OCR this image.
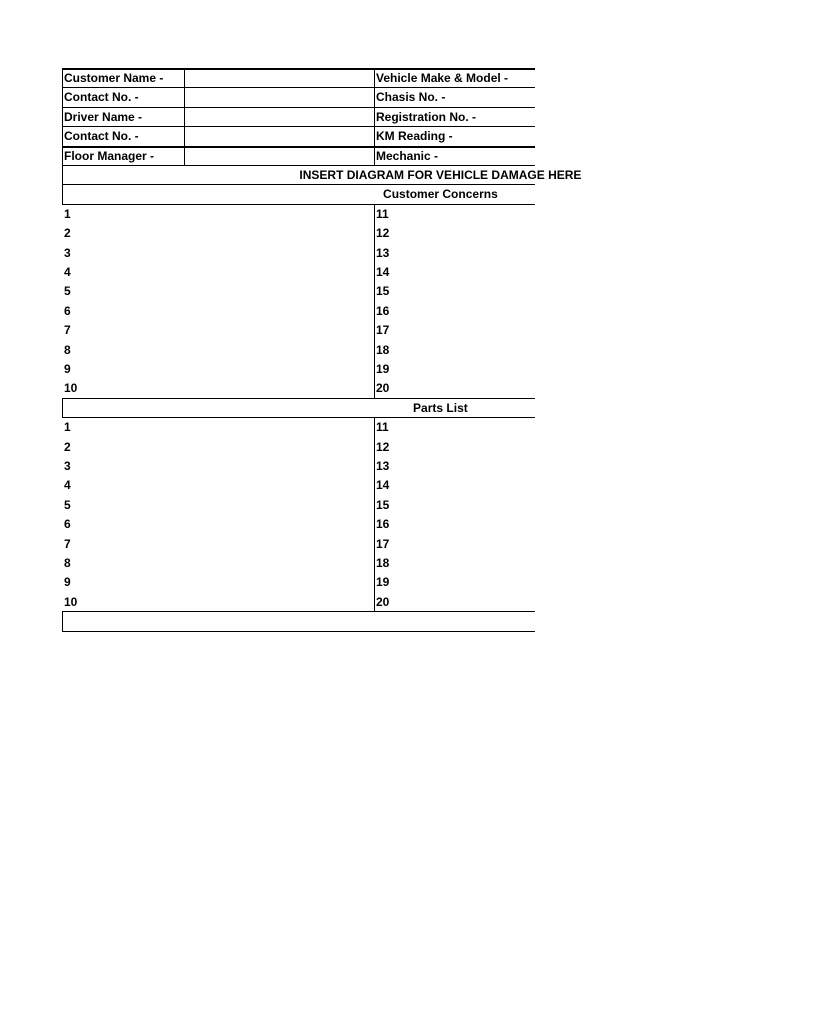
Customer Name -	Vehicle Make & Model -
Contact No. -	Chasis No. -
Driver Name -	Registration No. -
Contact No. -	KM Reading -
Floor Manager -	Mechanic -
INSERT DIAGRAM FOR VEHICLE DAMAGE HERE
Customer Concerns
1	11
2	12
3	13
4	14
5	15
6	16
7	17
8	18
9	19
10	20
Parts List
1	11
2	12
3	13
4	14
5	15
6	16
7	17
8	18
9	19
10	20
